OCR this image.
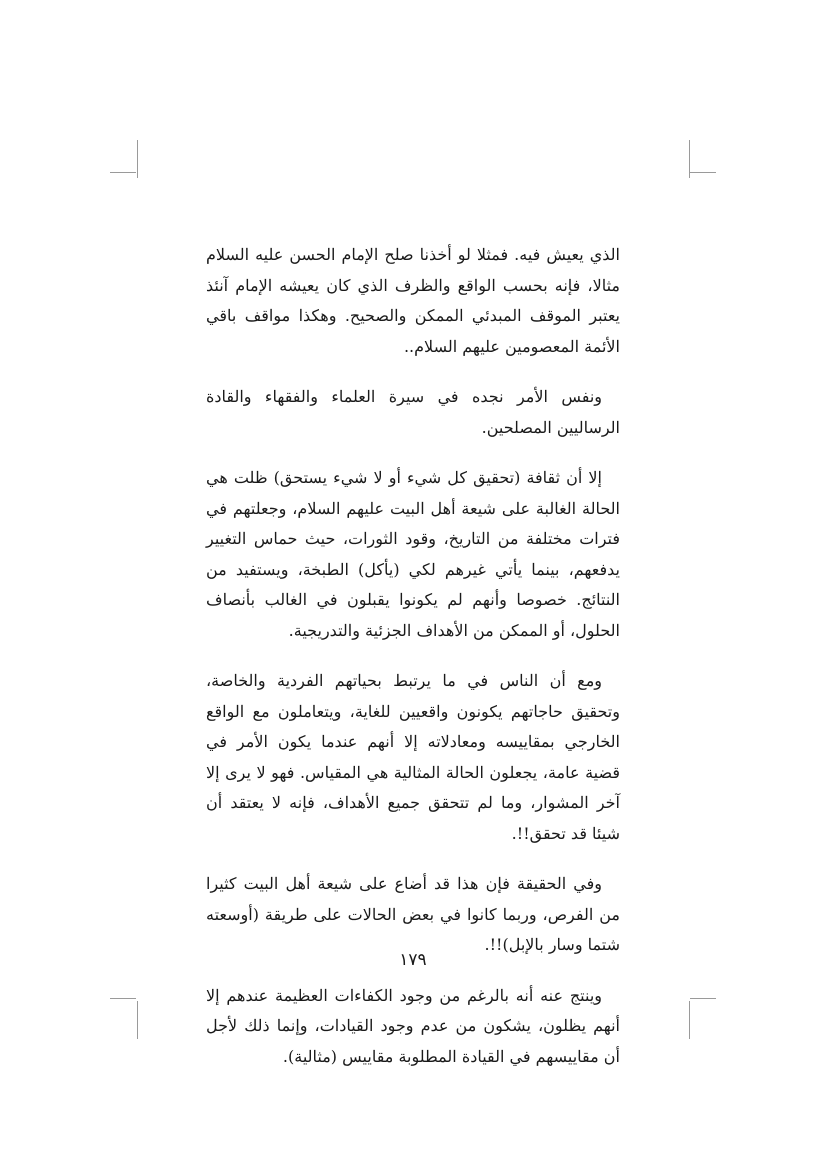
الذي يعيش فيه. فمثلا لو أخذنا صلح الإمام الحسن عليه السلام مثالا، فإنه بحسب الواقع والظرف الذي كان يعيشه الإمام آنئذ يعتبر الموقف المبدئي الممكن والصحيح. وهكذا مواقف باقي الأئمة المعصومين عليهم السلام..

ونفس الأمر نجده في سيرة العلماء والفقهاء والقادة الرساليين المصلحين.

إلا أن ثقافة (تحقيق كل شيء أو لا شيء يستحق) ظلت هي الحالة الغالبة على شيعة أهل البيت عليهم السلام، وجعلتهم في فترات مختلفة من التاريخ، وقود الثورات، حيث حماس التغيير يدفعهم، بينما يأتي غيرهم لكي (يأكل) الطبخة، ويستفيد من النتائج. خصوصا وأنهم لم يكونوا يقبلون في الغالب بأنصاف الحلول، أو الممكن من الأهداف الجزئية والتدريجية.

ومع أن الناس في ما يرتبط بحياتهم الفردية والخاصة، وتحقيق حاجاتهم يكونون واقعيين للغاية، ويتعاملون مع الواقع الخارجي بمقاييسه ومعادلاته إلا أنهم عندما يكون الأمر في قضية عامة، يجعلون الحالة المثالية هي المقياس. فهو لا يرى إلا آخر المشوار، وما لم تتحقق جميع الأهداف، فإنه لا يعتقد أن شيئا قد تحقق!!.

وفي الحقيقة فإن هذا قد أضاع على شيعة أهل البيت كثيرا من الفرص، وربما كانوا في بعض الحالات على طريقة (أوسعته شتما وسار بالإبل)!!.

وينتج عنه أنه بالرغم من وجود الكفاءات العظيمة عندهم إلا أنهم يظلون، يشكون من عدم وجود القيادات، وإنما ذلك لأجل أن مقاييسهم في القيادة المطلوبة مقاييس (مثالية).

١٧٩
